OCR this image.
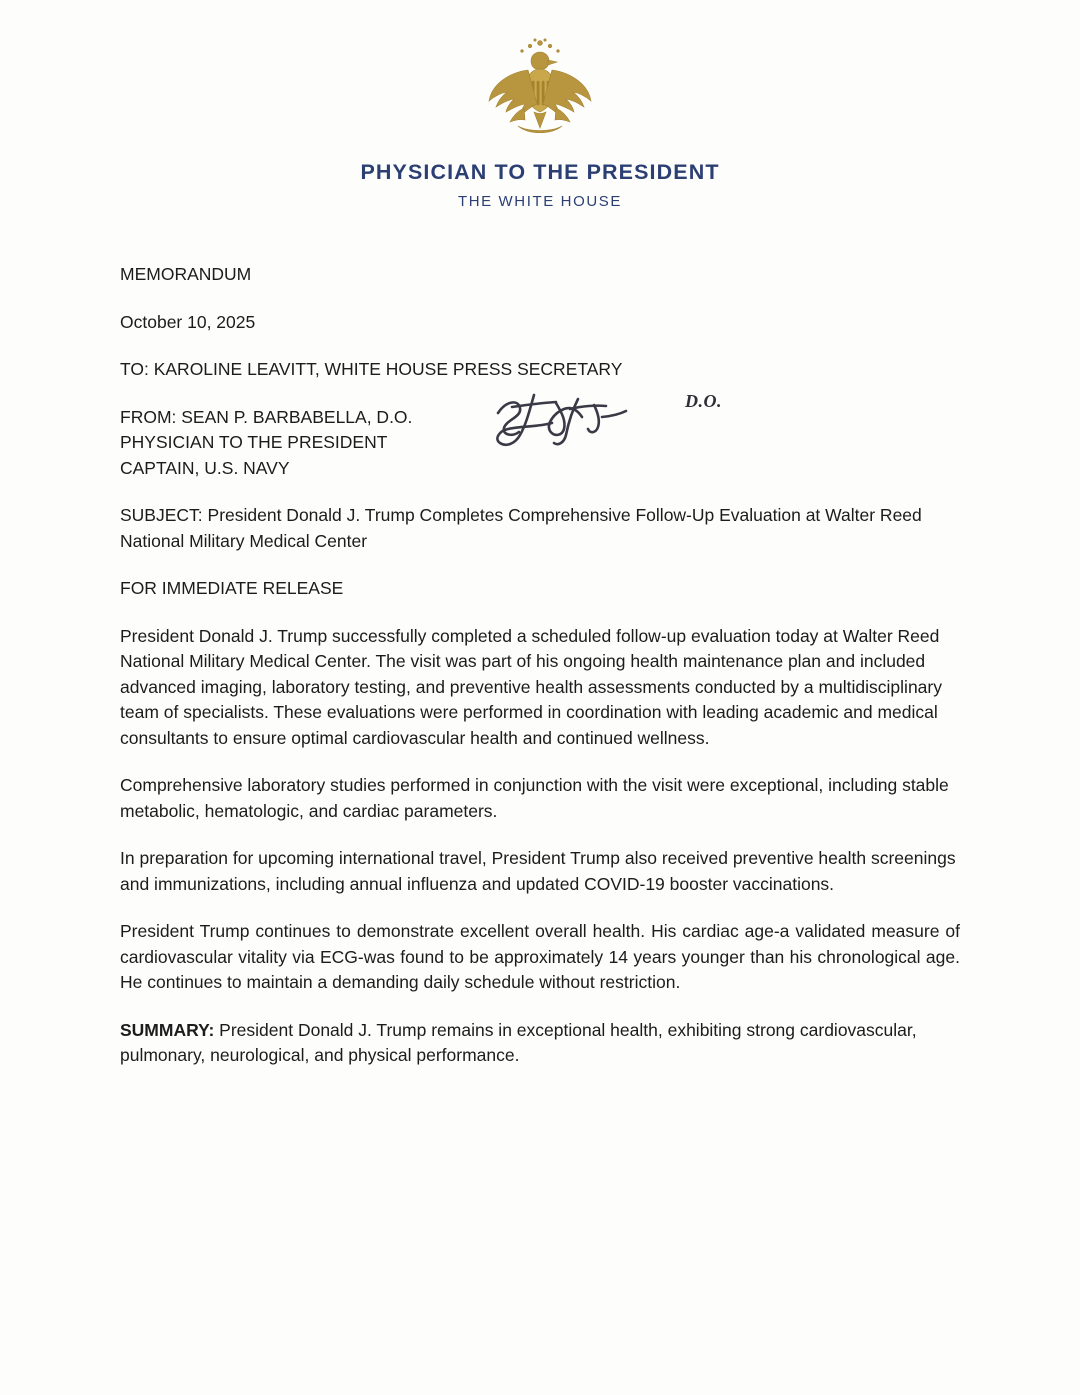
PHYSICIAN TO THE PRESIDENT
THE WHITE HOUSE
MEMORANDUM
October 10, 2025
TO: KAROLINE LEAVITT, WHITE HOUSE PRESS SECRETARY
FROM: SEAN P. BARBABELLA, D.O.
PHYSICIAN TO THE PRESIDENT
CAPTAIN, U.S. NAVY
D.O.
SUBJECT: President Donald J. Trump Completes Comprehensive Follow-Up Evaluation at Walter Reed National Military Medical Center
FOR IMMEDIATE RELEASE
President Donald J. Trump successfully completed a scheduled follow-up evaluation today at Walter Reed National Military Medical Center. The visit was part of his ongoing health maintenance plan and included advanced imaging, laboratory testing, and preventive health assessments conducted by a multidisciplinary team of specialists. These evaluations were performed in coordination with leading academic and medical consultants to ensure optimal cardiovascular health and continued wellness.
Comprehensive laboratory studies performed in conjunction with the visit were exceptional, including stable metabolic, hematologic, and cardiac parameters.
In preparation for upcoming international travel, President Trump also received preventive health screenings and immunizations, including annual influenza and updated COVID-19 booster vaccinations.
President Trump continues to demonstrate excellent overall health. His cardiac age-a validated measure of cardiovascular vitality via ECG-was found to be approximately 14 years younger than his chronological age. He continues to maintain a demanding daily schedule without restriction.
SUMMARY: President Donald J. Trump remains in exceptional health, exhibiting strong cardiovascular, pulmonary, neurological, and physical performance.
